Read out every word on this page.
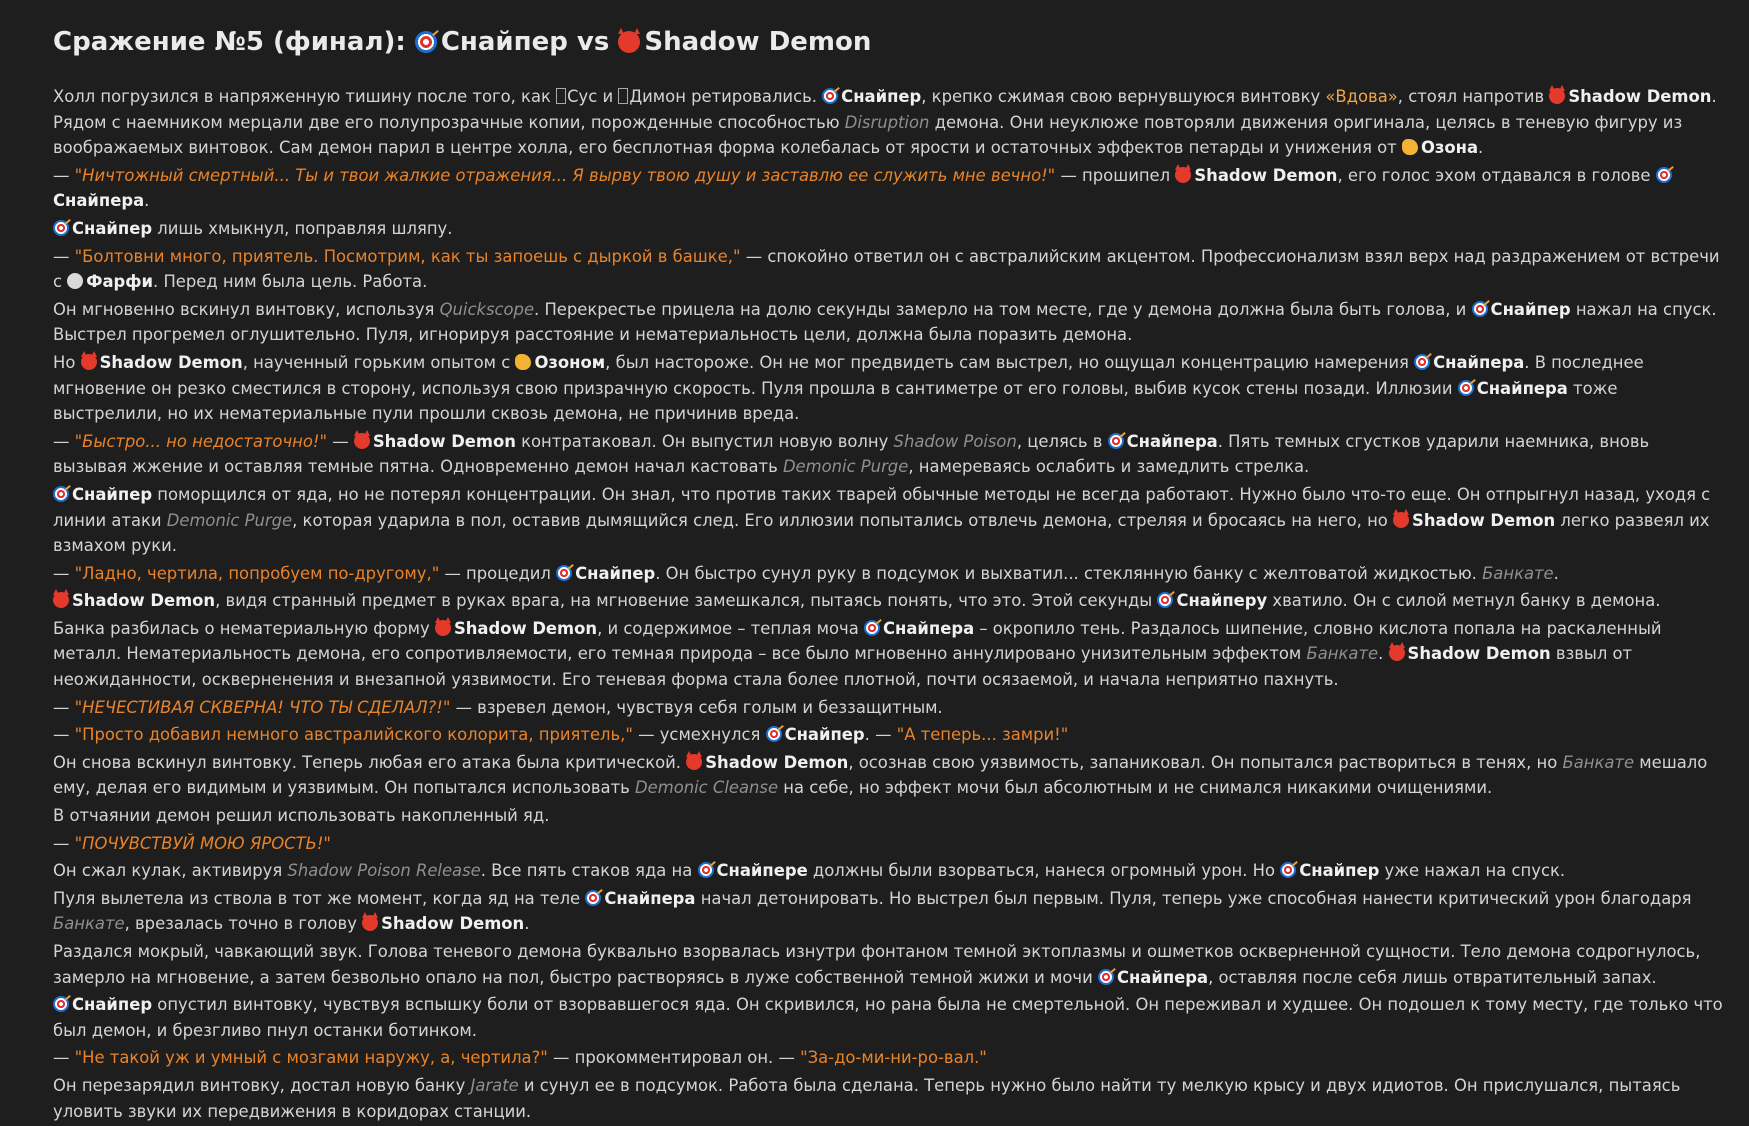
Сражение №5 (финал): Снайпер vs Shadow Demon

Холл погрузился в напряженную тишину после того, как Сус и Димон ретировались. Снайпер, крепко сжимая свою вернувшуюся винтовку «Вдова», стоял напротив Shadow Demon. Рядом с наемником мерцали две его полупрозрачные копии, порожденные способностью Disruption демона. Они неуклюже повторяли движения оригинала, целясь в теневую фигуру из воображаемых винтовок. Сам демон парил в центре холла, его бесплотная форма колебалась от ярости и остаточных эффектов петарды и унижения от Озона.

— "Ничтожный смертный... Ты и твои жалкие отражения... Я вырву твою душу и заставлю ее служить мне вечно!" — прошипел Shadow Demon, его голос эхом отдавался в голове Снайпера.

Снайпер лишь хмыкнул, поправляя шляпу.

— "Болтовни много, приятель. Посмотрим, как ты запоешь с дыркой в башке," — спокойно ответил он с австралийским акцентом. Профессионализм взял верх над раздражением от встречи с Фарфи. Перед ним была цель. Работа.

Он мгновенно вскинул винтовку, используя Quickscope. Перекрестье прицела на долю секунды замерло на том месте, где у демона должна была быть голова, и Снайпер нажал на спуск. Выстрел прогремел оглушительно. Пуля, игнорируя расстояние и нематериальность цели, должна была поразить демона.

Но Shadow Demon, наученный горьким опытом с Озоном, был настороже. Он не мог предвидеть сам выстрел, но ощущал концентрацию намерения Снайпера. В последнее мгновение он резко сместился в сторону, используя свою призрачную скорость. Пуля прошла в сантиметре от его головы, выбив кусок стены позади. Иллюзии Снайпера тоже выстрелили, но их нематериальные пули прошли сквозь демона, не причинив вреда.

— "Быстро... но недостаточно!" — Shadow Demon контратаковал. Он выпустил новую волну Shadow Poison, целясь в Снайпера. Пять темных сгустков ударили наемника, вновь вызывая жжение и оставляя темные пятна. Одновременно демон начал кастовать Demonic Purge, намереваясь ослабить и замедлить стрелка.

Снайпер поморщился от яда, но не потерял концентрации. Он знал, что против таких тварей обычные методы не всегда работают. Нужно было что-то еще. Он отпрыгнул назад, уходя с линии атаки Demonic Purge, которая ударила в пол, оставив дымящийся след. Его иллюзии попытались отвлечь демона, стреляя и бросаясь на него, но Shadow Demon легко развеял их взмахом руки.

— "Ладно, чертила, попробуем по-другому," — процедил Снайпер. Он быстро сунул руку в подсумок и выхватил... стеклянную банку с желтоватой жидкостью. Банкате.

Shadow Demon, видя странный предмет в руках врага, на мгновение замешкался, пытаясь понять, что это. Этой секунды Снайперу хватило. Он с силой метнул банку в демона.

Банка разбилась о нематериальную форму Shadow Demon, и содержимое – теплая моча Снайпера – окропило тень. Раздалось шипение, словно кислота попала на раскаленный металл. Нематериальность демона, его сопротивляемости, его темная природа – все было мгновенно аннулировано унизительным эффектом Банкате. Shadow Demon взвыл от неожиданности, оскверненения и внезапной уязвимости. Его теневая форма стала более плотной, почти осязаемой, и начала неприятно пахнуть.

— "НЕЧЕСТИВАЯ СКВЕРНА! ЧТО ТЫ СДЕЛАЛ?!" — взревел демон, чувствуя себя голым и беззащитным.

— "Просто добавил немного австралийского колорита, приятель," — усмехнулся Снайпер. — "А теперь... замри!"

Он снова вскинул винтовку. Теперь любая его атака была критической. Shadow Demon, осознав свою уязвимость, запаниковал. Он попытался раствориться в тенях, но Банкате мешало ему, делая его видимым и уязвимым. Он попытался использовать Demonic Cleanse на себе, но эффект мочи был абсолютным и не снимался никакими очищениями.

В отчаянии демон решил использовать накопленный яд.

— "ПОЧУВСТВУЙ МОЮ ЯРОСТЬ!"

Он сжал кулак, активируя Shadow Poison Release. Все пять стаков яда на Снайпере должны были взорваться, нанеся огромный урон. Но Снайпер уже нажал на спуск.

Пуля вылетела из ствола в тот же момент, когда яд на теле Снайпера начал детонировать. Но выстрел был первым. Пуля, теперь уже способная нанести критический урон благодаря Банкате, врезалась точно в голову Shadow Demon.

Раздался мокрый, чавкающий звук. Голова теневого демона буквально взорвалась изнутри фонтаном темной эктоплазмы и ошметков оскверненной сущности. Тело демона содрогнулось, замерло на мгновение, а затем безвольно опало на пол, быстро растворяясь в луже собственной темной жижи и мочи Снайпера, оставляя после себя лишь отвратительный запах.

Снайпер опустил винтовку, чувствуя вспышку боли от взорвавшегося яда. Он скривился, но рана была не смертельной. Он переживал и худшее. Он подошел к тому месту, где только что был демон, и брезгливо пнул останки ботинком.

— "Не такой уж и умный с мозгами наружу, а, чертила?" — прокомментировал он. — "За-до-ми-ни-ро-вал."

Он перезарядил винтовку, достал новую банку Jarate и сунул ее в подсумок. Работа была сделана. Теперь нужно было найти ту мелкую крысу и двух идиотов. Он прислушался, пытаясь уловить звуки их передвижения в коридорах станции.
